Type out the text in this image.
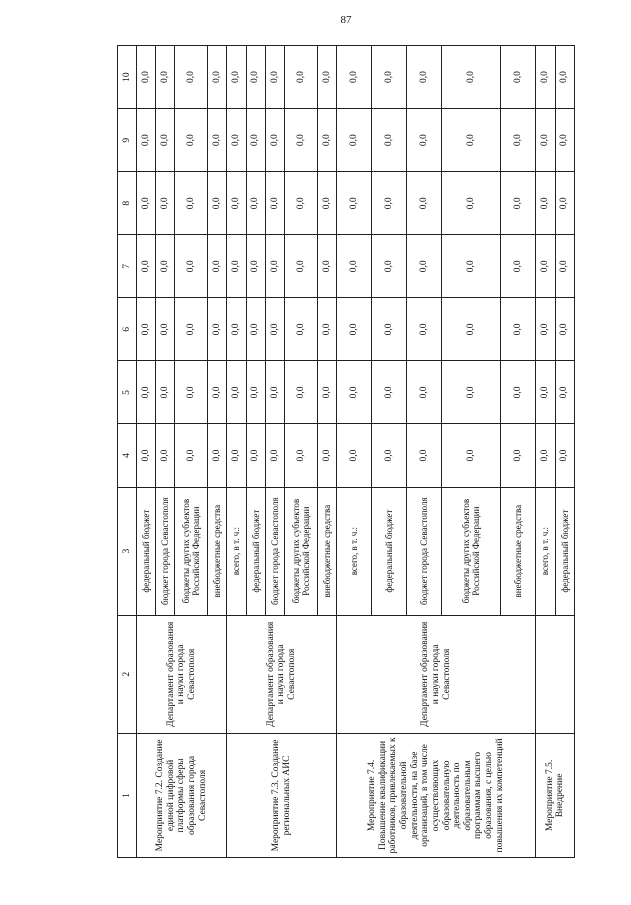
87
1	2	3	4	5	6	7	8	9	10
Мероприятие 7.2. Создание единой цифровой платформы сферы образования города Севастополя	Департамент образования и науки города Севастополя	федеральный бюджет	0,0	0,0	0,0	0,0	0,0	0,0	0,0
		бюджет города Севастополя	0,0	0,0	0,0	0,0	0,0	0,0	0,0
		бюджеты других субъектов Российской Федерации	0,0	0,0	0,0	0,0	0,0	0,0	0,0
		внебюджетные средства	0,0	0,0	0,0	0,0	0,0	0,0	0,0
Мероприятие 7.3. Создание региональных АИС	Департамент образования и науки города Севастополя	всего, в т. ч.:	0,0	0,0	0,0	0,0	0,0	0,0	0,0
		федеральный бюджет	0,0	0,0	0,0	0,0	0,0	0,0	0,0
		бюджет города Севастополя	0,0	0,0	0,0	0,0	0,0	0,0	0,0
		бюджеты других субъектов Российской Федерации	0,0	0,0	0,0	0,0	0,0	0,0	0,0
		внебюджетные средства	0,0	0,0	0,0	0,0	0,0	0,0	0,0
Мероприятие 7.4. Повышение квалификации работников, привлекаемых к образовательной деятельности, на базе организаций, в том числе осуществляющих образовательную деятельность по образовательным программам высшего образования, с целью повышения их компетенций	Департамент образования и науки города Севастополя	всего, в т. ч.:	0,0	0,0	0,0	0,0	0,0	0,0	0,0
		федеральный бюджет	0,0	0,0	0,0	0,0	0,0	0,0	0,0
		бюджет города Севастополя	0,0	0,0	0,0	0,0	0,0	0,0	0,0
		бюджеты других субъектов Российской Федерации	0,0	0,0	0,0	0,0	0,0	0,0	0,0
		внебюджетные средства	0,0	0,0	0,0	0,0	0,0	0,0	0,0
Мероприятие 7.5. Внедрение		всего, в т. ч.:	0,0	0,0	0,0	0,0	0,0	0,0	0,0
		федеральный бюджет	0,0	0,0	0,0	0,0	0,0	0,0	0,0
